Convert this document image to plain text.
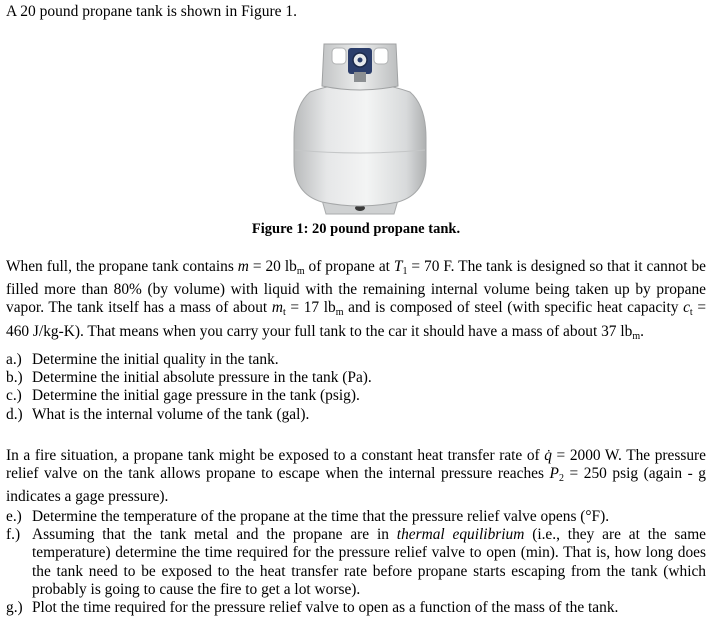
A 20 pound propane tank is shown in Figure 1.

Figure 1: 20 pound propane tank.

When full, the propane tank contains m = 20 $lb_m$ of propane at $T_1 = 70$ F. The tank is designed so that it cannot be filled more than 80% (by volume) with liquid with the remaining internal volume being taken up by propane vapor. The tank itself has a mass of about $m_t = 17$ $lb_m$ and is composed of steel (with specific heat capacity $c_t = 460$ J/kg-K). That means when you carry your full tank to the car it should have a mass of about 37 $lb_m$.

a.) Determine the initial quality in the tank.
b.) Determine the initial absolute pressure in the tank (Pa).
c.) Determine the initial gage pressure in the tank (psig).
d.) What is the internal volume of the tank (gal).

In a fire situation, a propane tank might be exposed to a constant heat transfer rate of q̇ = 2000 W. The pressure relief valve on the tank allows propane to escape when the internal pressure reaches $P_2 = 250$ psig (again - g indicates a gage pressure).

e.) Determine the temperature of the propane at the time that the pressure relief valve opens (°F).
f.) Assuming that the tank metal and the propane are in thermal equilibrium (i.e., they are at the same temperature) determine the time required for the pressure relief valve to open (min). That is, how long does the tank need to be exposed to the heat transfer rate before propane starts escaping from the tank (which probably is going to cause the fire to get a lot worse).
g.) Plot the time required for the pressure relief valve to open as a function of the mass of the tank.
